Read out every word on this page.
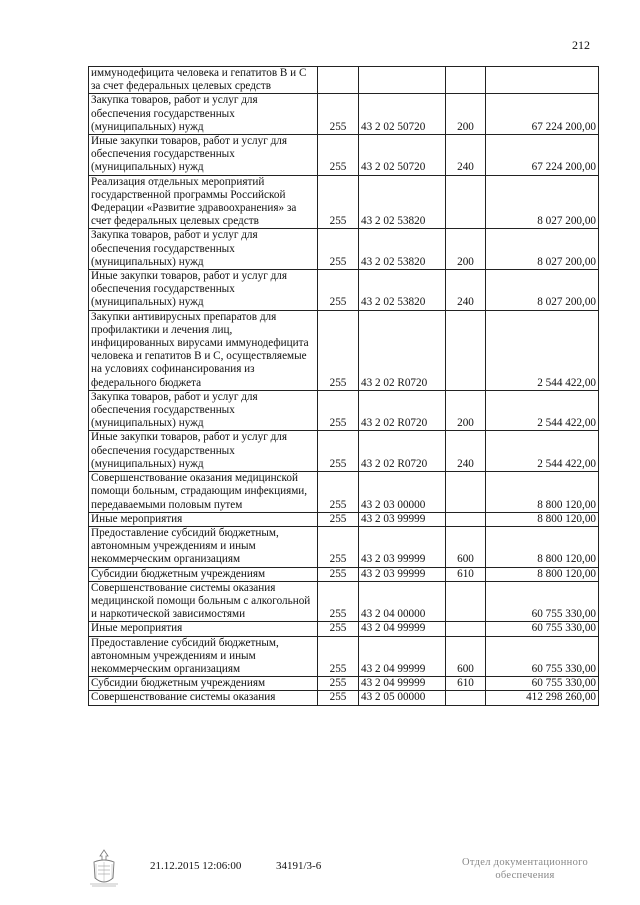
212
иммунодефицита человека и гепатитов В и С за счет федеральных целевых средств				
Закупка товаров, работ и услуг для обеспечения государственных (муниципальных) нужд	255	43 2 02 50720	200	67 224 200,00
Иные закупки товаров, работ и услуг для обеспечения государственных (муниципальных) нужд	255	43 2 02 50720	240	67 224 200,00
Реализация отдельных мероприятий государственной программы Российской Федерации «Развитие здравоохранения» за счет федеральных целевых средств	255	43 2 02 53820		8 027 200,00
Закупка товаров, работ и услуг для обеспечения государственных (муниципальных) нужд	255	43 2 02 53820	200	8 027 200,00
Иные закупки товаров, работ и услуг для обеспечения государственных (муниципальных) нужд	255	43 2 02 53820	240	8 027 200,00
Закупки антивирусных препаратов для профилактики и лечения лиц, инфицированных вирусами иммунодефицита человека и гепатитов В и С, осуществляемые на условиях софинансирования из федерального бюджета	255	43 2 02 R0720		2 544 422,00
Закупка товаров, работ и услуг для обеспечения государственных (муниципальных) нужд	255	43 2 02 R0720	200	2 544 422,00
Иные закупки товаров, работ и услуг для обеспечения государственных (муниципальных) нужд	255	43 2 02 R0720	240	2 544 422,00
Совершенствование оказания медицинской помощи больным, страдающим инфекциями, передаваемыми половым путем	255	43 2 03 00000		8 800 120,00
Иные мероприятия	255	43 2 03 99999		8 800 120,00
Предоставление субсидий бюджетным, автономным учреждениям и иным некоммерческим организациям	255	43 2 03 99999	600	8 800 120,00
Субсидии бюджетным учреждениям	255	43 2 03 99999	610	8 800 120,00
Совершенствование системы оказания медицинской помощи больным с алкогольной и наркотической зависимостями	255	43 2 04 00000		60 755 330,00
Иные мероприятия	255	43 2 04 99999		60 755 330,00
Предоставление субсидий бюджетным, автономным учреждениям и иным некоммерческим организациям	255	43 2 04 99999	600	60 755 330,00
Субсидии бюджетным учреждениям	255	43 2 04 99999	610	60 755 330,00
Совершенствование системы оказания	255	43 2 05 00000		412 298 260,00
21.12.2015 12:06:00	34191/3-6	Отдел документационного обеспечения
